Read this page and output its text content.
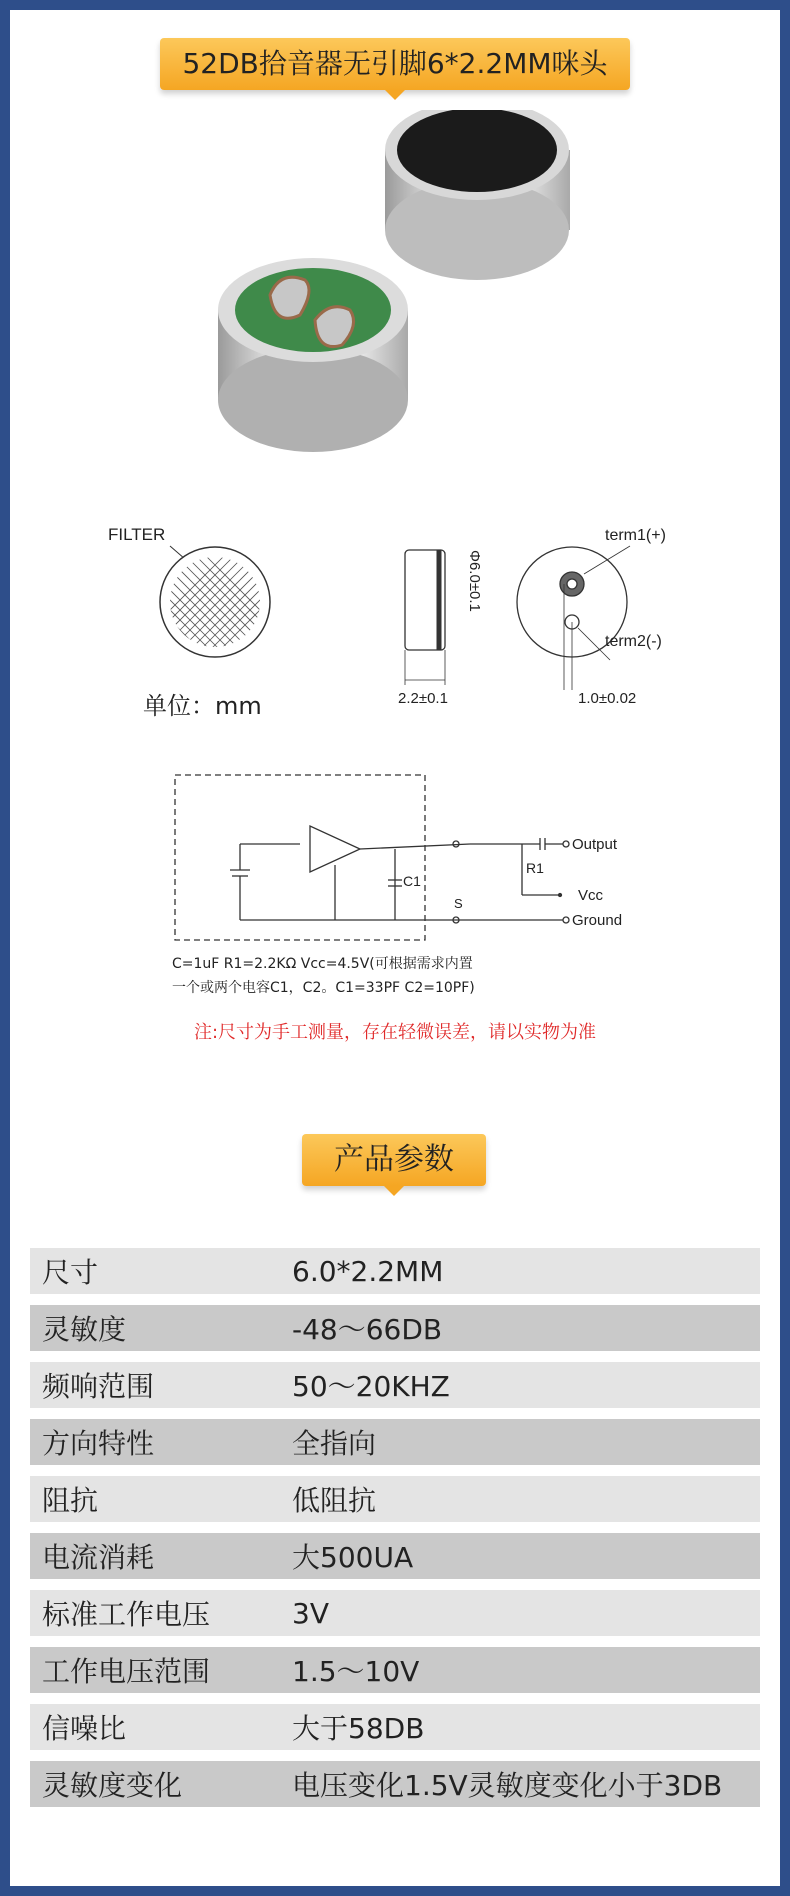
52DB拾音器无引脚6*2.2MM咪头
FILTER
2.2±0.1
Φ6.0±0.1
term1(+)
term2(-)
1.0±0.02
单位：mm
Output
Vcc
Ground
R1
C1
S
C=1uF R1=2.2KΩ Vcc=4.5V(可根据需求内置
一个或两个电容C1，C2。C1=33PF C2=10PF)
注:尺寸为手工测量，存在轻微误差，请以实物为准
产品参数
尺寸	6.0*2.2MM
灵敏度	-48～66DB
频响范围	50～20KHZ
方向特性	全指向
阻抗	低阻抗
电流消耗	大500UA
标准工作电压	3V
工作电压范围	1.5～10V
信噪比	大于58DB
灵敏度变化	电压变化1.5V灵敏度变化小于3DB
